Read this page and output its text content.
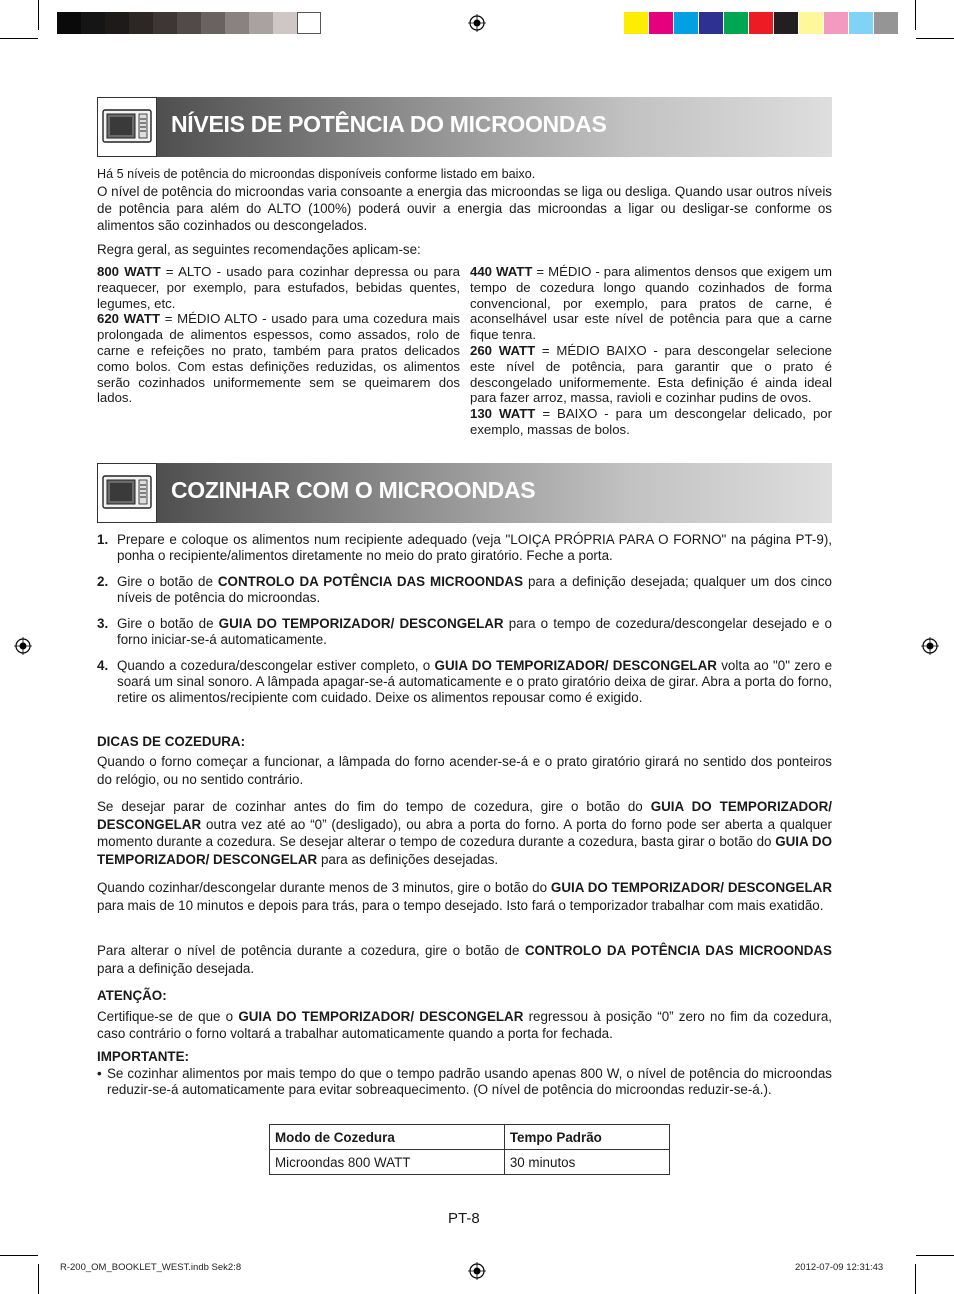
NÍVEIS DE POTÊNCIA DO MICROONDAS
Há 5 níveis de potência do microondas disponíveis conforme listado em baixo.
O nível de potência do microondas varia consoante a energia das microondas se liga ou desliga. Quando usar outros níveis de potência para além do ALTO (100%) poderá ouvir a energia das microondas a ligar ou desligar-se conforme os alimentos são cozinhados ou descongelados.
Regra geral, as seguintes recomendações aplicam-se:

800 WATT = ALTO - usado para cozinhar depressa ou para reaquecer, por exemplo, para estufados, bebidas quentes, legumes, etc.

620 WATT = MÉDIO ALTO - usado para uma cozedura mais prolongada de alimentos espessos, como assados, rolo de carne e refeições no prato, também para pratos delicados como bolos. Com estas definições reduzidas, os alimentos serão cozinhados uniformemente sem se queimarem dos lados.

440 WATT = MÉDIO - para alimentos densos que exigem um tempo de cozedura longo quando cozinhados de forma convencional, por exemplo, para pratos de carne, é aconselhável usar este nível de potência para que a carne fique tenra.

260 WATT = MÉDIO BAIXO - para descongelar selecione este nível de potência, para garantir que o prato é descongelado uniformemente. Esta definição é ainda ideal para fazer arroz, massa, ravioli e cozinhar pudins de ovos.

130 WATT = BAIXO - para um descongelar delicado, por exemplo, massas de bolos.

COZINHAR COM O MICROONDAS
1. Prepare e coloque os alimentos num recipiente adequado (veja "LOIÇA PRÓPRIA PARA O FORNO" na página PT-9), ponha o recipiente/alimentos diretamente no meio do prato giratório. Feche a porta.
2. Gire o botão de CONTROLO DA POTÊNCIA DAS MICROONDAS para a definição desejada; qualquer um dos cinco níveis de potência do microondas.
3. Gire o botão de GUIA DO TEMPORIZADOR/ DESCONGELAR para o tempo de cozedura/descongelar desejado e o forno iniciar-se-á automaticamente.
4. Quando a cozedura/descongelar estiver completo, o GUIA DO TEMPORIZADOR/ DESCONGELAR volta ao "0" zero e soará um sinal sonoro. A lâmpada apagar-se-á automaticamente e o prato giratório deixa de girar. Abra a porta do forno, retire os alimentos/recipiente com cuidado. Deixe os alimentos repousar como é exigido.
DICAS DE COZEDURA:
Quando o forno começar a funcionar, a lâmpada do forno acender-se-á e o prato giratório girará no sentido dos ponteiros do relógio, ou no sentido contrário.
Se desejar parar de cozinhar antes do fim do tempo de cozedura, gire o botão do GUIA DO TEMPORIZADOR/ DESCONGELAR outra vez até ao “0” (desligado), ou abra a porta do forno. A porta do forno pode ser aberta a qualquer momento durante a cozedura. Se desejar alterar o tempo de cozedura durante a cozedura, basta girar o botão do GUIA DO TEMPORIZADOR/ DESCONGELAR para as definições desejadas.
Quando cozinhar/descongelar durante menos de 3 minutos, gire o botão do GUIA DO TEMPORIZADOR/ DESCONGELAR para mais de 10 minutos e depois para trás, para o tempo desejado. Isto fará o temporizador trabalhar com mais exatidão.
Para alterar o nível de potência durante a cozedura, gire o botão de CONTROLO DA POTÊNCIA DAS MICROONDAS para a definição desejada.
ATENÇÃO:
Certifique-se de que o GUIA DO TEMPORIZADOR/ DESCONGELAR regressou à posição “0” zero no fim da cozedura, caso contrário o forno voltará a trabalhar automaticamente quando a porta for fechada.
IMPORTANTE:
• Se cozinhar alimentos por mais tempo do que o tempo padrão usando apenas 800 W, o nível de potência do microondas reduzir-se-á automaticamente para evitar sobreaquecimento. (O nível de potência do microondas reduzir-se-á.).
Modo de Cozedura	Tempo Padrão
Microondas 800 WATT	30 minutos
PT-8
R-200_OM_BOOKLET_WEST.indb Sek2:8	2012-07-09 12:31:43
